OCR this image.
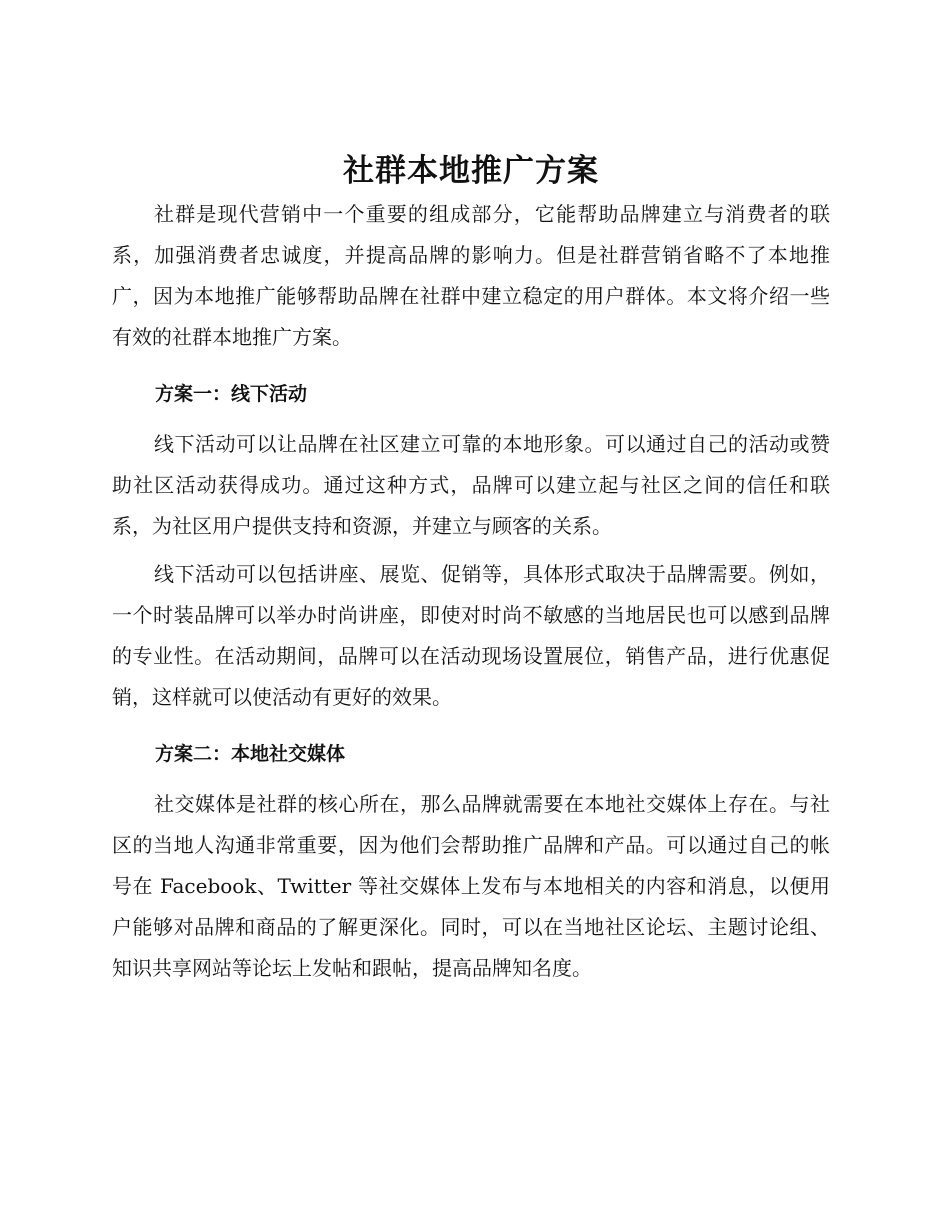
社群本地推广方案

社群是现代营销中一个重要的组成部分，它能帮助品牌建立与消费者的联系，加强消费者忠诚度，并提高品牌的影响力。但是社群营销省略不了本地推广，因为本地推广能够帮助品牌在社群中建立稳定的用户群体。本文将介绍一些有效的社群本地推广方案。

方案一：线下活动

线下活动可以让品牌在社区建立可靠的本地形象。可以通过自己的活动或赞助社区活动获得成功。通过这种方式，品牌可以建立起与社区之间的信任和联系，为社区用户提供支持和资源，并建立与顾客的关系。

线下活动可以包括讲座、展览、促销等，具体形式取决于品牌需要。例如，一个时装品牌可以举办时尚讲座，即使对时尚不敏感的当地居民也可以感到品牌的专业性。在活动期间，品牌可以在活动现场设置展位，销售产品，进行优惠促销，这样就可以使活动有更好的效果。

方案二：本地社交媒体

社交媒体是社群的核心所在，那么品牌就需要在本地社交媒体上存在。与社区的当地人沟通非常重要，因为他们会帮助推广品牌和产品。可以通过自己的帐号在 Facebook、Twitter 等社交媒体上发布与本地相关的内容和消息，以便用户能够对品牌和商品的了解更深化。同时，可以在当地社区论坛、主题讨论组、知识共享网站等论坛上发帖和跟帖，提高品牌知名度。
